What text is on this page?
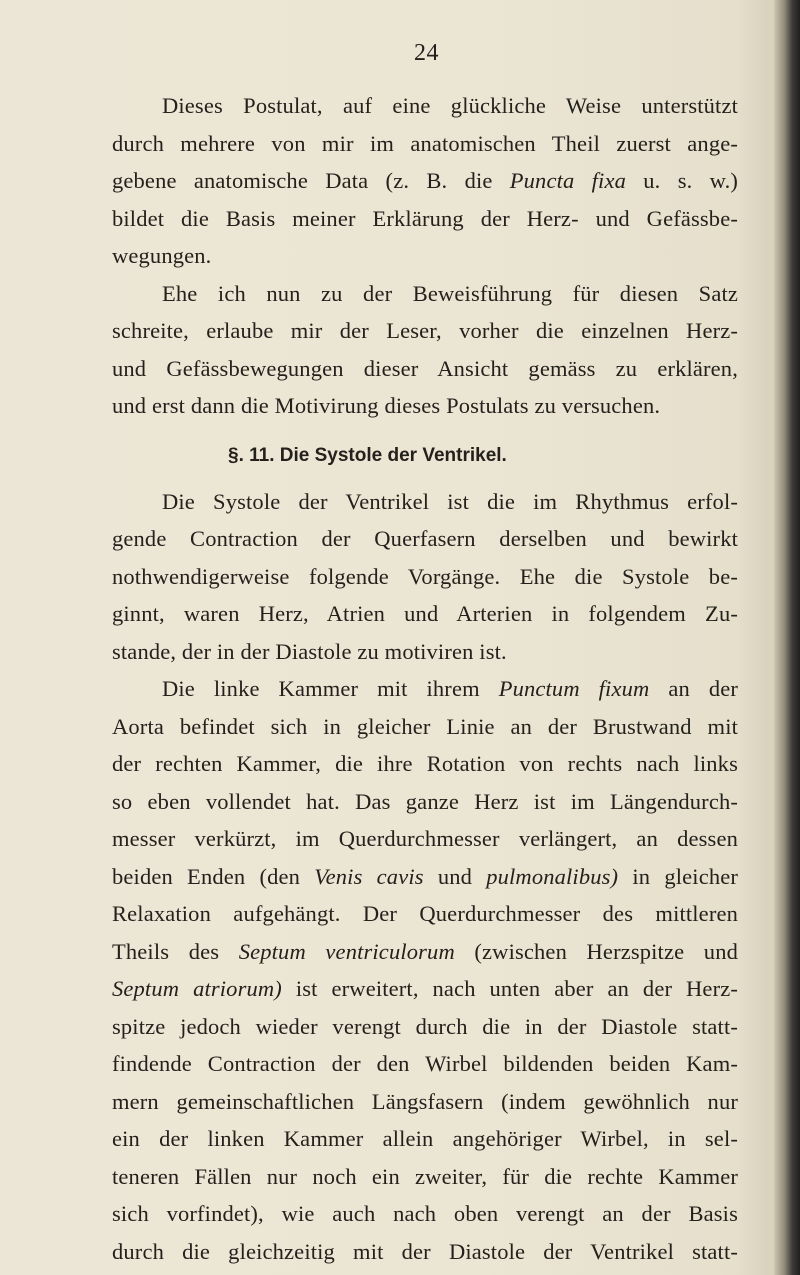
24
Dieses Postulat, auf eine glückliche Weise unterstützt
durch mehrere von mir im anatomischen Theil zuerst ange-
gebene anatomische Data (z. B. die Puncta fixa u. s. w.)
bildet die Basis meiner Erklärung der Herz- und Gefässbe-
wegungen.
Ehe ich nun zu der Beweisführung für diesen Satz
schreite, erlaube mir der Leser, vorher die einzelnen Herz-
und Gefässbewegungen dieser Ansicht gemäss zu erklären,
und erst dann die Motivirung dieses Postulats zu versuchen.
§. 11. Die Systole der Ventrikel.
Die Systole der Ventrikel ist die im Rhythmus erfol-
gende Contraction der Querfasern derselben und bewirkt
nothwendigerweise folgende Vorgänge. Ehe die Systole be-
ginnt, waren Herz, Atrien und Arterien in folgendem Zu-
stande, der in der Diastole zu motiviren ist.
Die linke Kammer mit ihrem Punctum fixum an der
Aorta befindet sich in gleicher Linie an der Brustwand mit
der rechten Kammer, die ihre Rotation von rechts nach links
so eben vollendet hat. Das ganze Herz ist im Längendurch-
messer verkürzt, im Querdurchmesser verlängert, an dessen
beiden Enden (den Venis cavis und pulmonalibus) in gleicher
Relaxation aufgehängt. Der Querdurchmesser des mittleren
Theils des Septum ventriculorum (zwischen Herzspitze und
Septum atriorum) ist erweitert, nach unten aber an der Herz-
spitze jedoch wieder verengt durch die in der Diastole statt-
findende Contraction der den Wirbel bildenden beiden Kam-
mern gemeinschaftlichen Längsfasern (indem gewöhnlich nur
ein der linken Kammer allein angehöriger Wirbel, in sel-
teneren Fällen nur noch ein zweiter, für die rechte Kammer
sich vorfindet), wie auch nach oben verengt an der Basis
durch die gleichzeitig mit der Diastole der Ventrikel statt-
